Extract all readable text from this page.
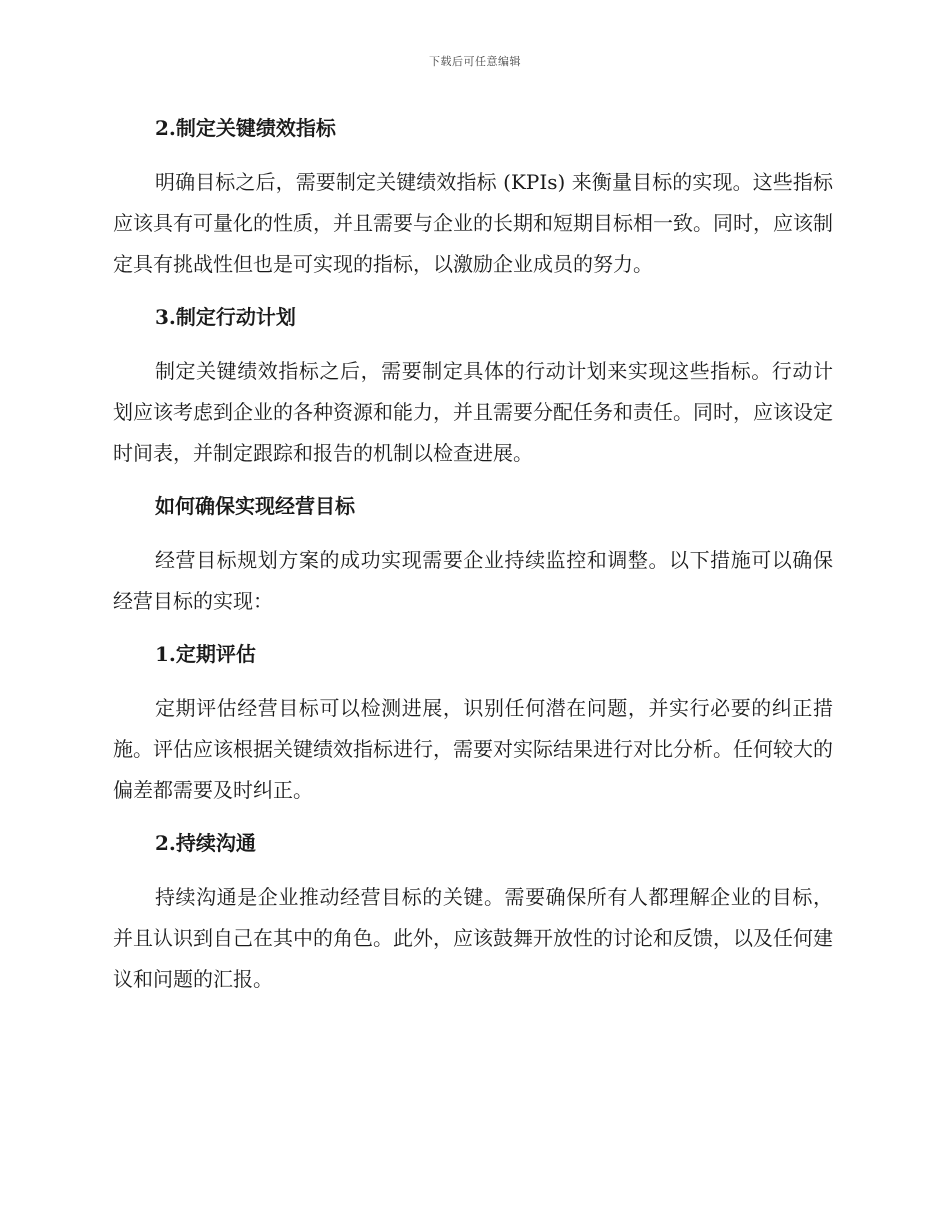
下载后可任意编辑
2.制定关键绩效指标

明确目标之后，需要制定关键绩效指标 (KPIs) 来衡量目标的实现。这些指标应该具有可量化的性质，并且需要与企业的长期和短期目标相一致。同时，应该制定具有挑战性但也是可实现的指标，以激励企业成员的努力。

3.制定行动计划

制定关键绩效指标之后，需要制定具体的行动计划来实现这些指标。行动计划应该考虑到企业的各种资源和能力，并且需要分配任务和责任。同时，应该设定时间表，并制定跟踪和报告的机制以检查进展。

如何确保实现经营目标

经营目标规划方案的成功实现需要企业持续监控和调整。以下措施可以确保经营目标的实现：

1.定期评估

定期评估经营目标可以检测进展，识别任何潜在问题，并实行必要的纠正措施。评估应该根据关键绩效指标进行，需要对实际结果进行对比分析。任何较大的偏差都需要及时纠正。

2.持续沟通

持续沟通是企业推动经营目标的关键。需要确保所有人都理解企业的目标，并且认识到自己在其中的角色。此外，应该鼓舞开放性的讨论和反馈，以及任何建议和问题的汇报。
